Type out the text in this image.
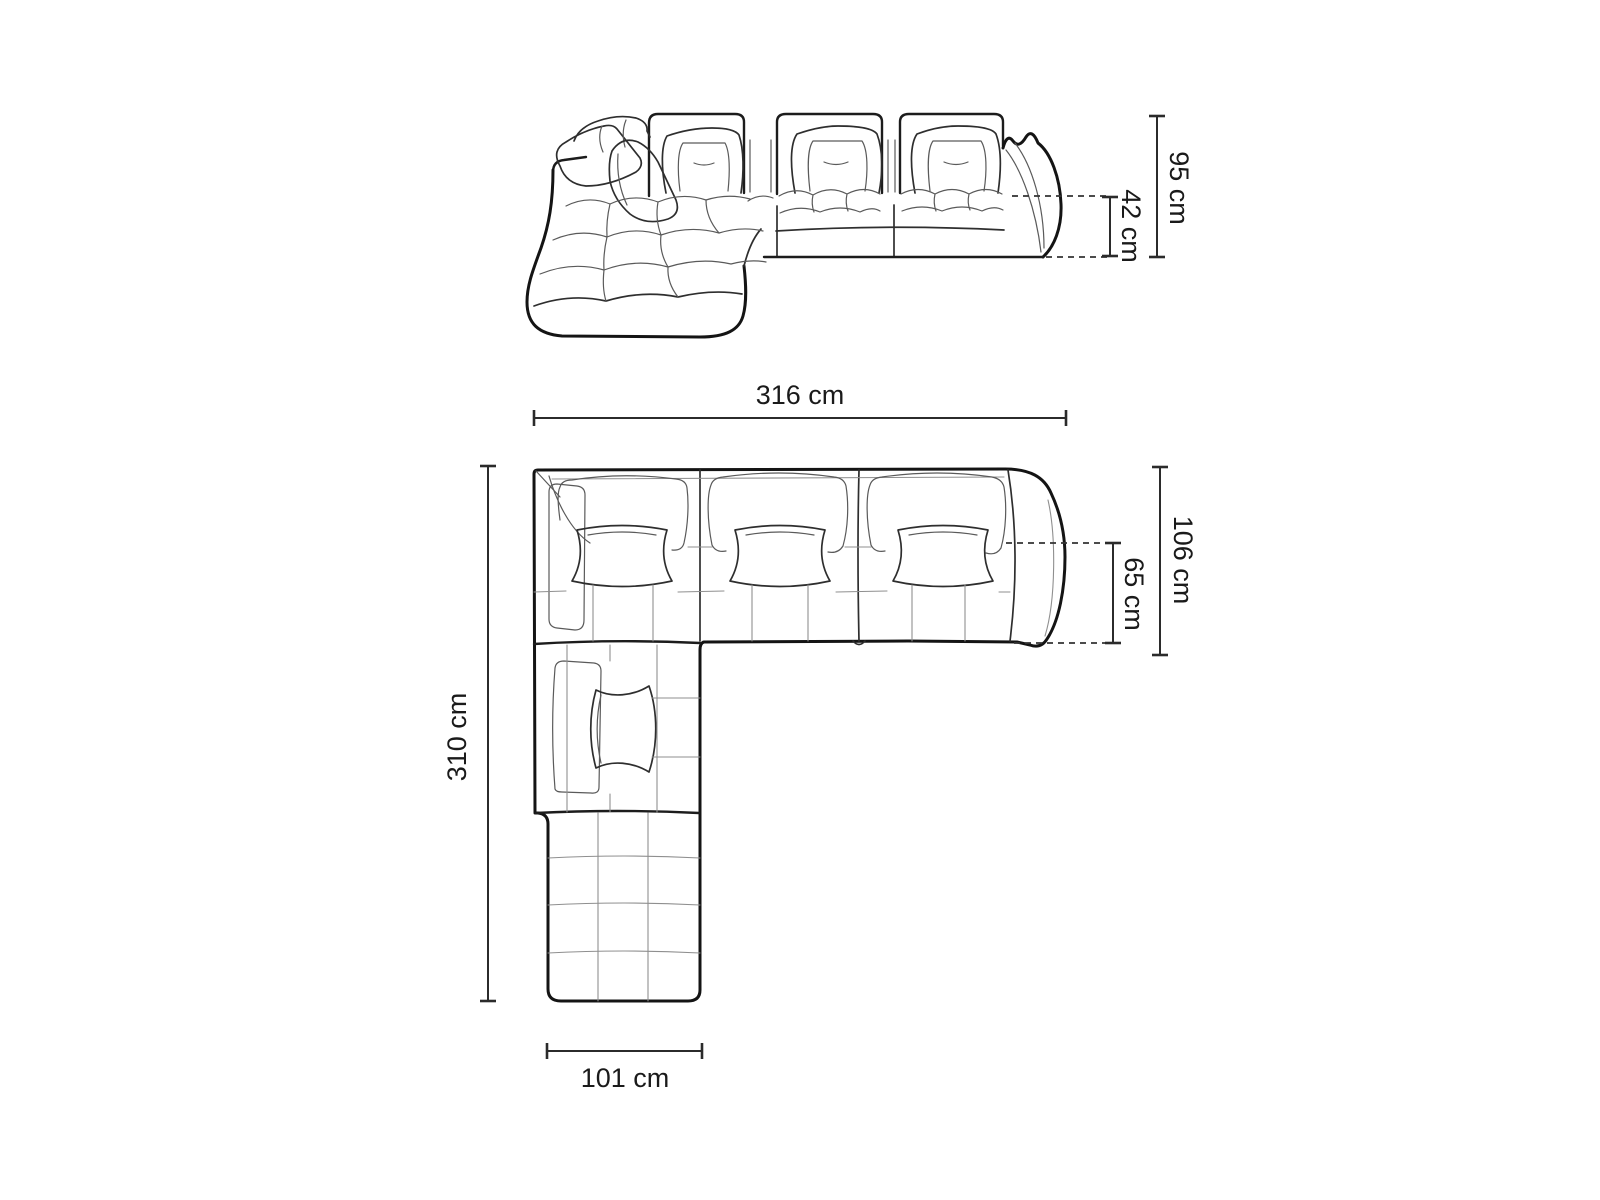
95 cm
42 cm
316 cm
310 cm
106 cm
65 cm
101 cm
